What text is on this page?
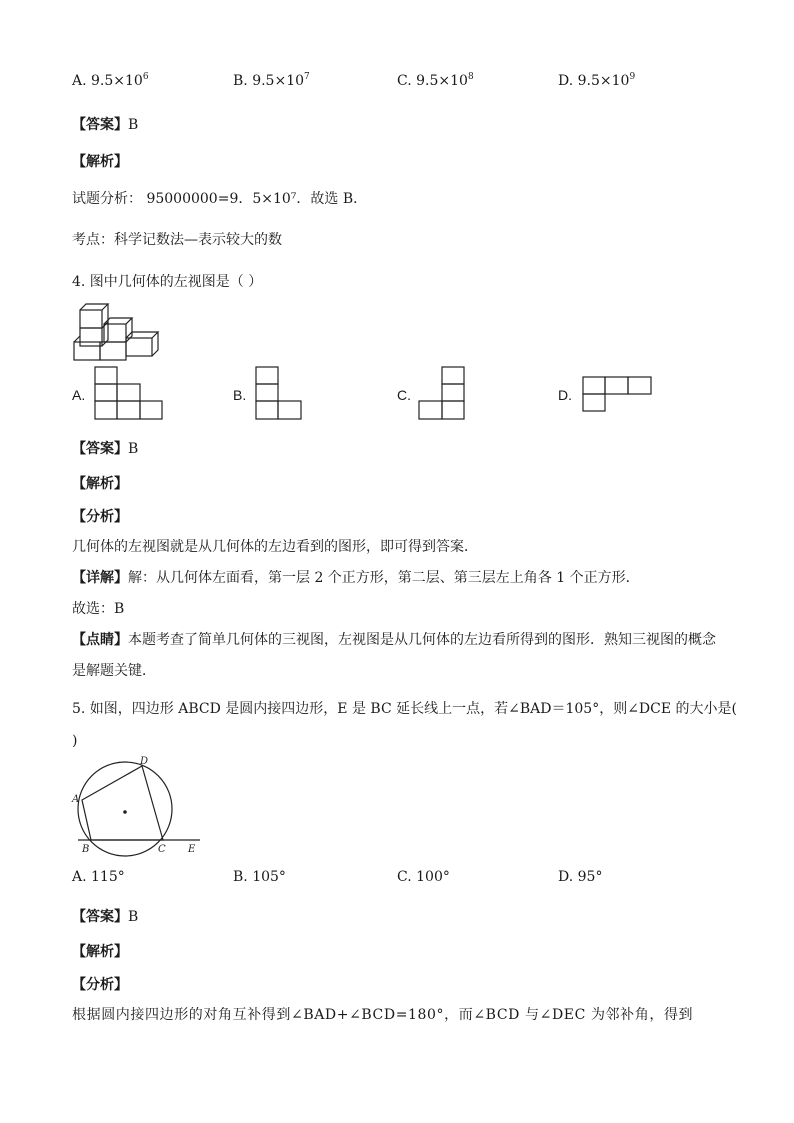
A. $9.5\times 10^6$	B. $9.5\times 10^7$	C. $9.5\times 10^8$	D. $9.5\times 10^9$
【答案】B
【解析】
试题分析： 95000000=9．5×10⁷．故选 B．
考点：科学记数法—表示较大的数
4. 图中几何体的左视图是（ ）
A.	B.	C.	D.
【答案】B
【解析】
【分析】
几何体的左视图就是从几何体的左边看到的图形，即可得到答案．
【详解】解：从几何体左面看，第一层 2 个正方形，第二层、第三层左上角各 1 个正方形．
故选：B
【点睛】本题考查了简单几何体的三视图，左视图是从几何体的左边看所得到的图形．熟知三视图的概念
是解题关键．
5. 如图，四边形 ABCD 是圆内接四边形，E 是 BC 延长线上一点，若∠BAD＝105°，则∠DCE 的大小是(
)
A
B	C
D
E
A. 115°	B. 105°	C. 100°	D. 95°
【答案】B
【解析】
【分析】
根据圆内接四边形的对角互补得到∠BAD+∠BCD=180°，而∠BCD 与∠DEC 为邻补角，得到
